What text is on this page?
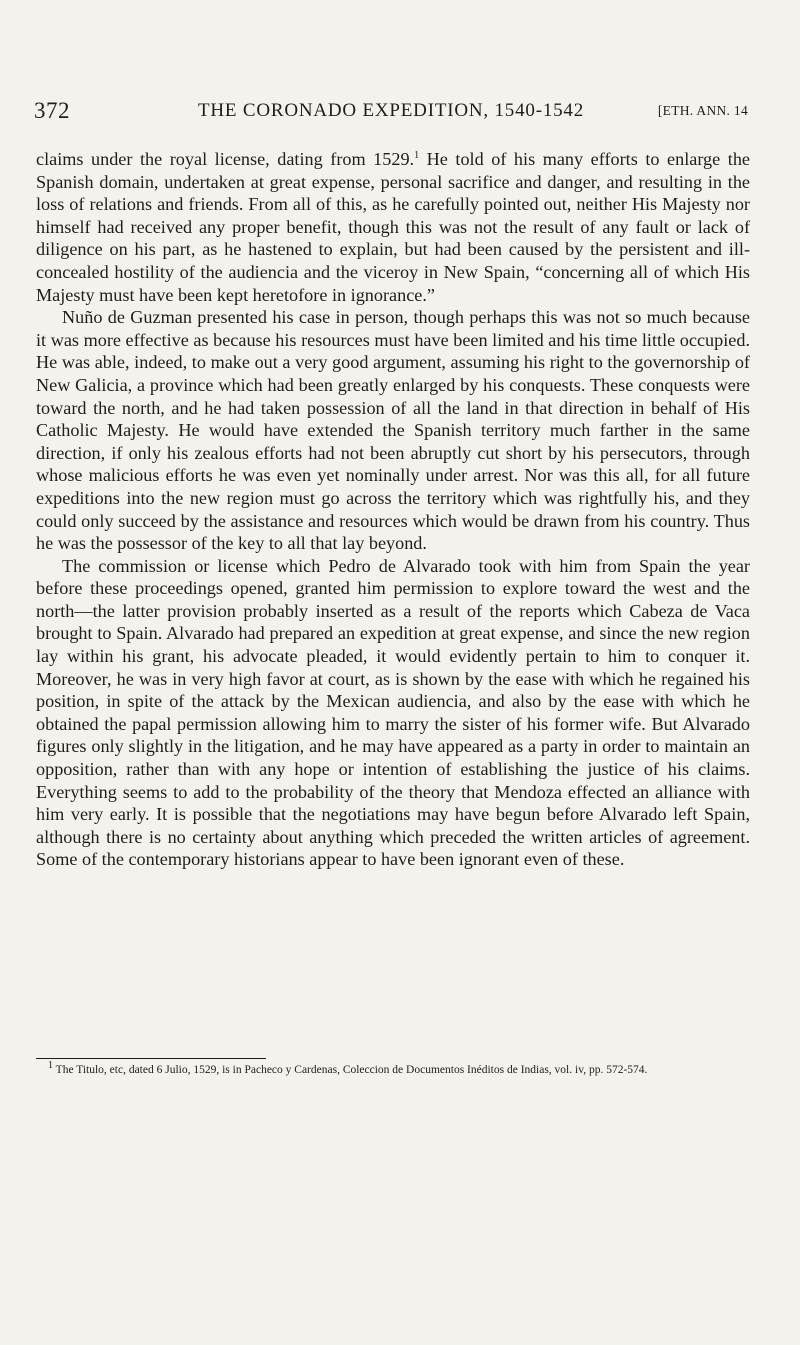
372	THE CORONADO EXPEDITION, 1540-1542	[ETH. ANN. 14

claims under the royal license, dating from 1529.$^1$ He told of his many efforts to enlarge the Spanish domain, undertaken at great expense, personal sacrifice and danger, and resulting in the loss of relations and friends. From all of this, as he carefully pointed out, neither His Majesty nor himself had received any proper benefit, though this was not the result of any fault or lack of diligence on his part, as he hastened to explain, but had been caused by the persistent and ill-concealed hostility of the audiencia and the viceroy in New Spain, “concerning all of which His Majesty must have been kept heretofore in ignorance.”

Nuño de Guzman presented his case in person, though perhaps this was not so much because it was more effective as because his resources must have been limited and his time little occupied. He was able, indeed, to make out a very good argument, assuming his right to the governorship of New Galicia, a province which had been greatly enlarged by his conquests. These conquests were toward the north, and he had taken possession of all the land in that direction in behalf of His Catholic Majesty. He would have extended the Spanish territory much farther in the same direction, if only his zealous efforts had not been abruptly cut short by his persecutors, through whose malicious efforts he was even yet nominally under arrest. Nor was this all, for all future expeditions into the new region must go across the territory which was rightfully his, and they could only succeed by the assistance and resources which would be drawn from his country. Thus he was the possessor of the key to all that lay beyond.

The commission or license which Pedro de Alvarado took with him from Spain the year before these proceedings opened, granted him permission to explore toward the west and the north—the latter provision probably inserted as a result of the reports which Cabeza de Vaca brought to Spain. Alvarado had prepared an expedition at great expense, and since the new region lay within his grant, his advocate pleaded, it would evidently pertain to him to conquer it. Moreover, he was in very high favor at court, as is shown by the ease with which he regained his position, in spite of the attack by the Mexican audiencia, and also by the ease with which he obtained the papal permission allowing him to marry the sister of his former wife. But Alvarado figures only slightly in the litigation, and he may have appeared as a party in order to maintain an opposition, rather than with any hope or intention of establishing the justice of his claims. Everything seems to add to the probability of the theory that Mendoza effected an alliance with him very early. It is possible that the negotiations may have begun before Alvarado left Spain, although there is no certainty about anything which preceded the written articles of agreement. Some of the contemporary historians appear to have been ignorant even of these.

$^1$ The Titulo, etc, dated 6 Julio, 1529, is in Pacheco y Cardenas, Coleccion de Documentos Inéditos de Indias, vol. iv, pp. 572-574.
